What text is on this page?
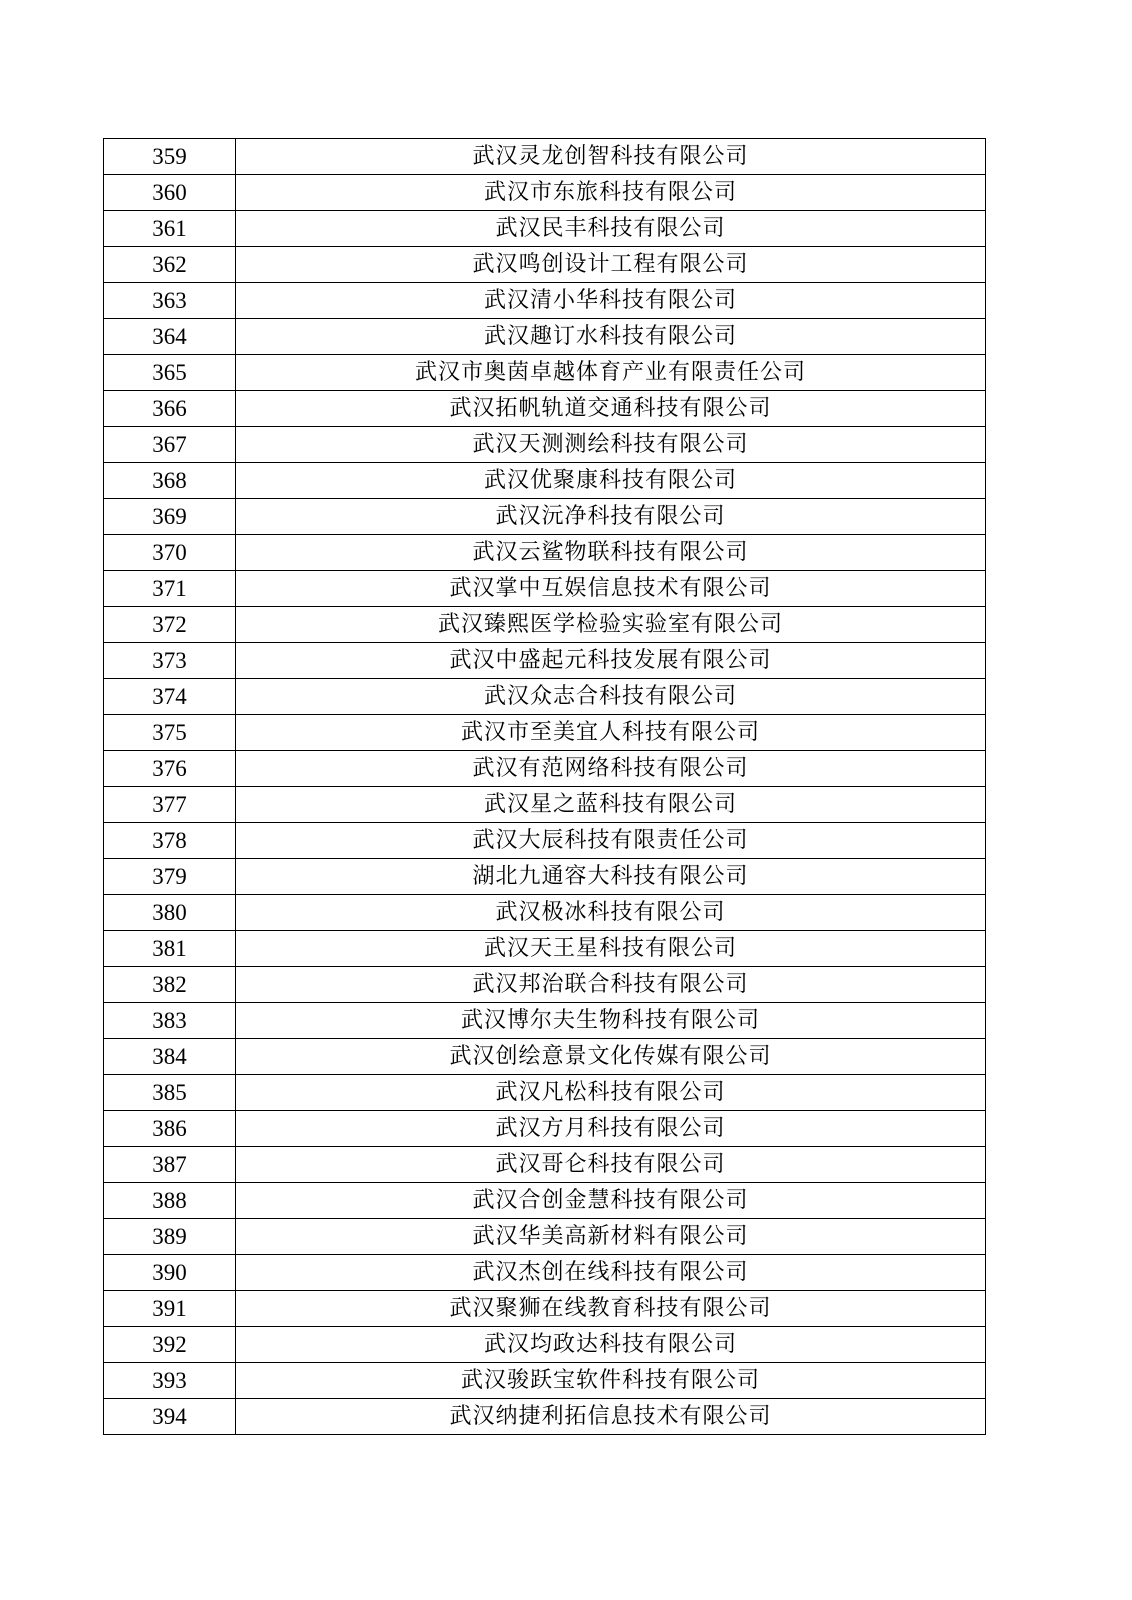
359	武汉灵龙创智科技有限公司
360	武汉市东旅科技有限公司
361	武汉民丰科技有限公司
362	武汉鸣创设计工程有限公司
363	武汉清小华科技有限公司
364	武汉趣订水科技有限公司
365	武汉市奥茵卓越体育产业有限责任公司
366	武汉拓帆轨道交通科技有限公司
367	武汉天测测绘科技有限公司
368	武汉优聚康科技有限公司
369	武汉沅净科技有限公司
370	武汉云鲨物联科技有限公司
371	武汉掌中互娱信息技术有限公司
372	武汉臻熙医学检验实验室有限公司
373	武汉中盛起元科技发展有限公司
374	武汉众志合科技有限公司
375	武汉市至美宜人科技有限公司
376	武汉有范网络科技有限公司
377	武汉星之蓝科技有限公司
378	武汉大辰科技有限责任公司
379	湖北九通容大科技有限公司
380	武汉极冰科技有限公司
381	武汉天王星科技有限公司
382	武汉邦治联合科技有限公司
383	武汉博尔夫生物科技有限公司
384	武汉创绘意景文化传媒有限公司
385	武汉凡松科技有限公司
386	武汉方月科技有限公司
387	武汉哥仑科技有限公司
388	武汉合创金慧科技有限公司
389	武汉华美高新材料有限公司
390	武汉杰创在线科技有限公司
391	武汉聚狮在线教育科技有限公司
392	武汉均政达科技有限公司
393	武汉骏跃宝软件科技有限公司
394	武汉纳捷利拓信息技术有限公司
